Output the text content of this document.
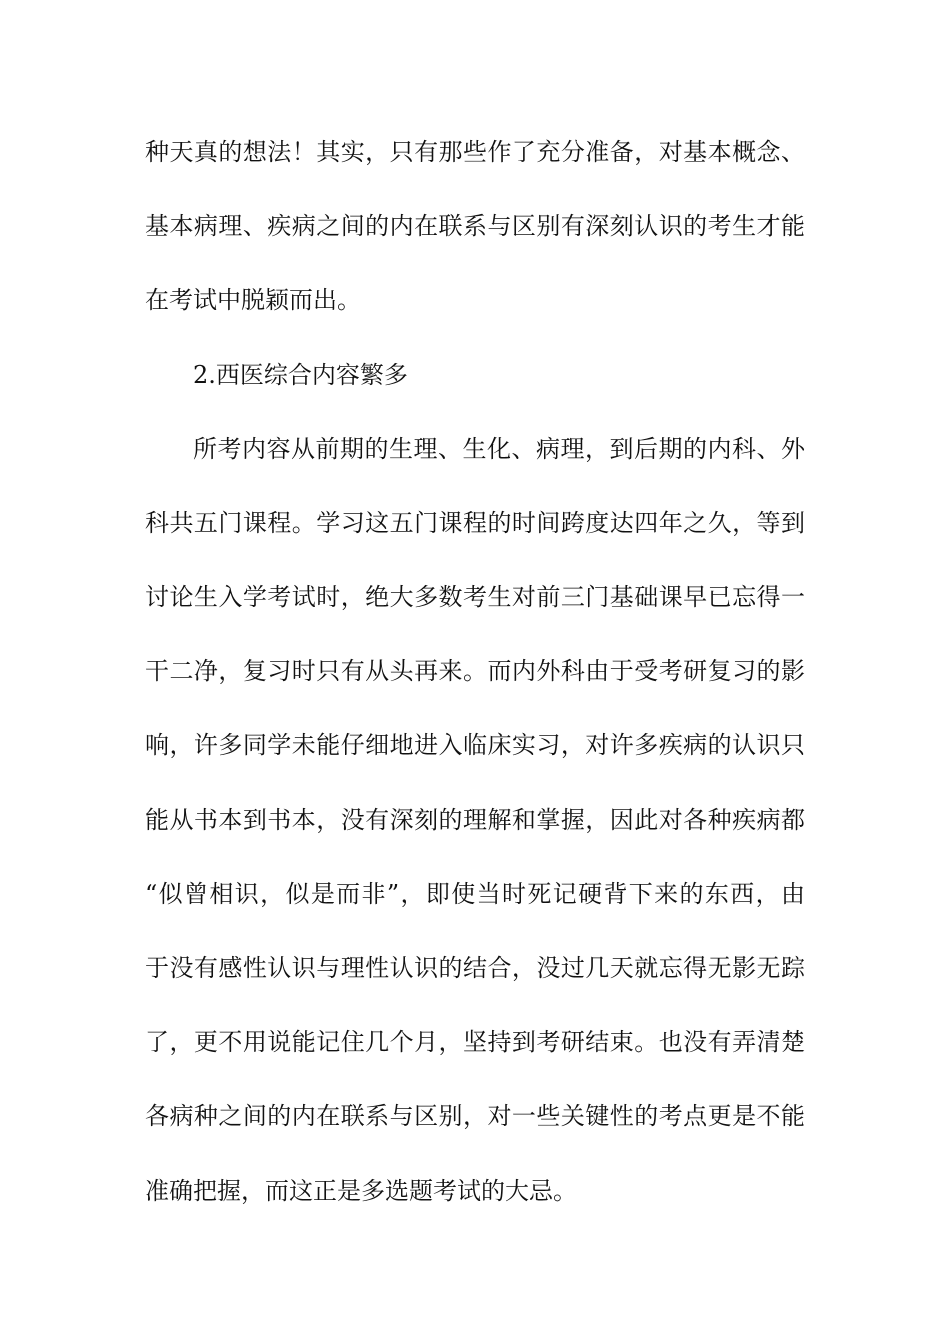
种天真的想法！其实，只有那些作了充分准备，对基本概念、
基本病理、疾病之间的内在联系与区别有深刻认识的考生才能
在考试中脱颖而出。
2.西医综合内容繁多
所考内容从前期的生理、生化、病理，到后期的内科、外
科共五门课程。学习这五门课程的时间跨度达四年之久，等到
讨论生入学考试时，绝大多数考生对前三门基础课早已忘得一
干二净，复习时只有从头再来。而内外科由于受考研复习的影
响，许多同学未能仔细地进入临床实习，对许多疾病的认识只
能从书本到书本，没有深刻的理解和掌握，因此对各种疾病都
“似曾相识，似是而非”，即使当时死记硬背下来的东西，由
于没有感性认识与理性认识的结合，没过几天就忘得无影无踪
了，更不用说能记住几个月，坚持到考研结束。也没有弄清楚
各病种之间的内在联系与区别，对一些关键性的考点更是不能
准确把握，而这正是多选题考试的大忌。
